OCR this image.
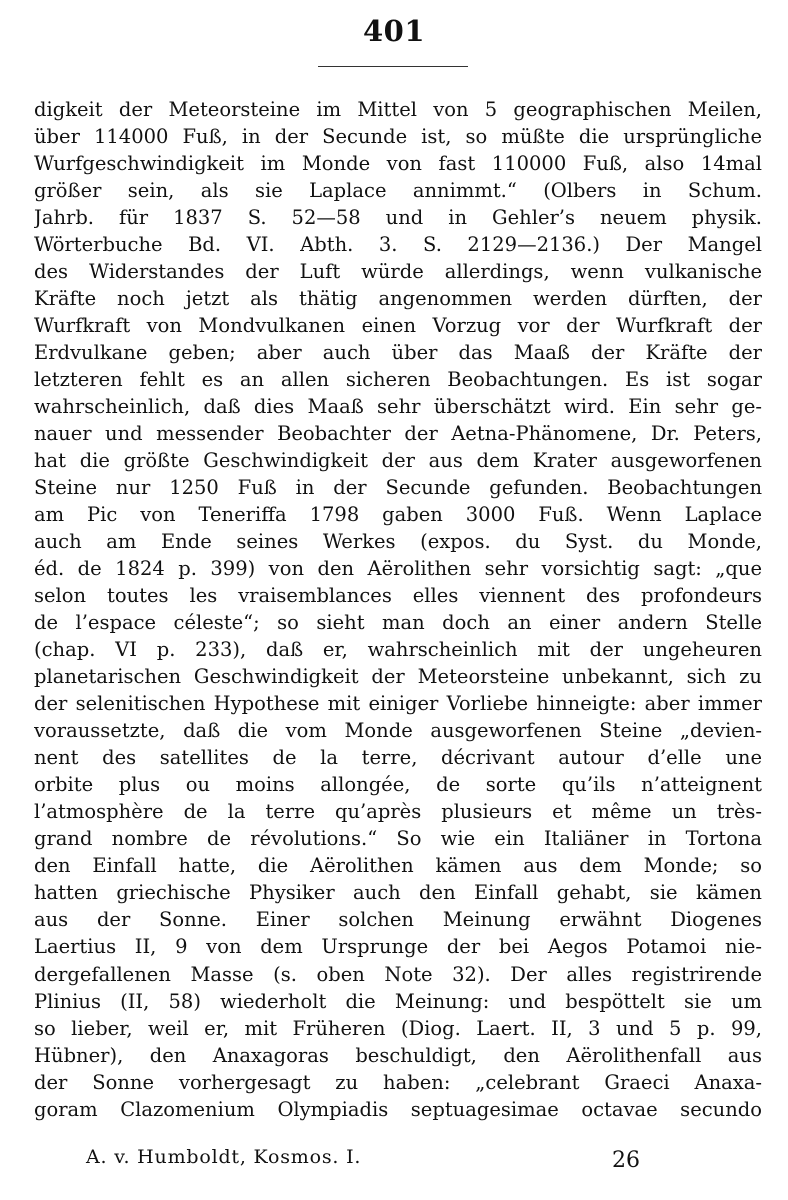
401
digkeit der Meteorsteine im Mittel von 5 geographischen Meilen,
über 114000 Fuß, in der Secunde ist, so müßte die ursprüngliche
Wurfgeschwindigkeit im Monde von fast 110000 Fuß, also 14mal
größer sein, als sie Laplace annimmt.“ (Olbers in Schum.
Jahrb. für 1837 S. 52—58 und in Gehler’s neuem physik.
Wörterbuche Bd. VI. Abth. 3. S. 2129—2136.) Der Mangel
des Widerstandes der Luft würde allerdings, wenn vulkanische
Kräfte noch jetzt als thätig angenommen werden dürften, der
Wurfkraft von Mondvulkanen einen Vorzug vor der Wurfkraft der
Erdvulkane geben; aber auch über das Maaß der Kräfte der
letzteren fehlt es an allen sicheren Beobachtungen. Es ist sogar
wahrscheinlich, daß dies Maaß sehr überschätzt wird. Ein sehr ge-
nauer und messender Beobachter der Aetna-Phänomene, Dr. Peters,
hat die größte Geschwindigkeit der aus dem Krater ausgeworfenen
Steine nur 1250 Fuß in der Secunde gefunden. Beobachtungen
am Pic von Teneriffa 1798 gaben 3000 Fuß. Wenn Laplace
auch am Ende seines Werkes (expos. du Syst. du Monde,
éd. de 1824 p. 399) von den Aërolithen sehr vorsichtig sagt: „que
selon toutes les vraisemblances elles viennent des profondeurs
de l’espace céleste“; so sieht man doch an einer andern Stelle
(chap. VI p. 233), daß er, wahrscheinlich mit der ungeheuren
planetarischen Geschwindigkeit der Meteorsteine unbekannt, sich zu
der selenitischen Hypothese mit einiger Vorliebe hinneigte: aber immer
voraussetzte, daß die vom Monde ausgeworfenen Steine „devien-
nent des satellites de la terre, décrivant autour d’elle une
orbite plus ou moins allongée, de sorte qu’ils n’atteignent
l’atmosphère de la terre qu’après plusieurs et même un très-
grand nombre de révolutions.“ So wie ein Italiäner in Tortona
den Einfall hatte, die Aërolithen kämen aus dem Monde; so
hatten griechische Physiker auch den Einfall gehabt, sie kämen
aus der Sonne. Einer solchen Meinung erwähnt Diogenes
Laertius II, 9 von dem Ursprunge der bei Aegos Potamoi nie-
dergefallenen Masse (s. oben Note 32). Der alles registrirende
Plinius (II, 58) wiederholt die Meinung: und bespöttelt sie um
so lieber, weil er, mit Früheren (Diog. Laert. II, 3 und 5 p. 99,
Hübner), den Anaxagoras beschuldigt, den Aërolithenfall aus
der Sonne vorhergesagt zu haben: „celebrant Graeci Anaxa-
goram Clazomenium Olympiadis septuagesimae octavae secundo
A. v. Humboldt, Kosmos. I.	26
